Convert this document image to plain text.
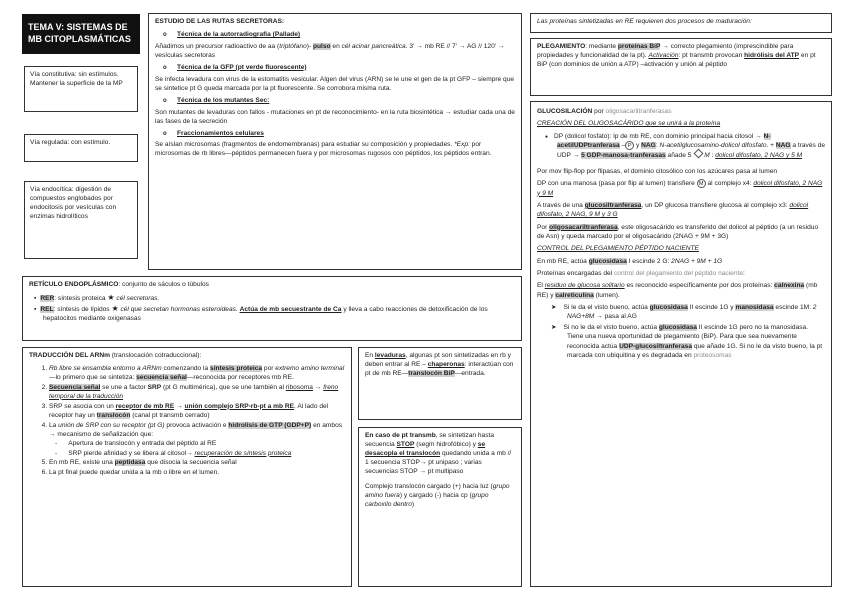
TEMA V: SISTEMAS DE MB CITOPLASMÁTICAS
Vía constitutiva: sin estímulos. Mantener la superficie de la MP
Vía regulada: con estímulo.
Vía endocítica: digestión de compuestos englobados por endocitosis por vesículas con enzimas hidrolíticos
ESTUDIO DE LAS RUTAS SECRETORAS:
o Técnica de la autorradiografía (Pallade)

Añadimos un precursor radioactivo de aa (triptófano)- pulso en cél acinar pancreática. 3' → mb RE // 7' → AG // 120' → vesículas secretoras

o Técnica de la GFP (pt verde fluorescente)

Se infecta levadura con virus de la estomatitis vesicular. Algen del virus (ARN) se le une el gen de la pt GFP – siempre que se sintetice pt G queda marcada por la pt fluorescente. Se corrobora misma ruta.

o Técnica de los mutantes Sec:

Son mutantes de levaduras con fallos - mutaciones en pt de reconocimiento- en la ruta biosintética → estudiar cada una de las fases de la secreción

o Fraccionamientos celulares

Se aíslan microsomas (fragmentos de endomembranas) para estudiar su composición y propiedades. *Exp: por microsomas de rb libres—péptidos permanecen fuera y por microsomas rugosos con péptidos, los péptidos entran.

RETÍCULO ENDOPLÁSMICO: conjunto de sáculos o túbulos
▪ RER: síntesis proteica ★ cél secretoras.
▪ REL: síntesis de lípidos ★ cél que secretan hormonas esteroideas. Actúa de mb secuestrante de Ca y lleva a cabo reacciones de detoxificación de los hepatocitos mediante oxigenasas
TRADUCCIÓN DEL ARNm (translocación cotraduccional):
1. Rb libre se ensambla entorno a ARNm comenzando la síntesis proteica por extremo amino terminal—lo primero que se sintetiza: secuencia señal—reconocida por receptores mb RE.
2. Secuencia señal se une a factor SRP (pt G multimérica), que se une también al ribosoma → freno temporal de la traducción
3. SRP se asocia con un receptor de mb RE → unión complejo SRP-rb-pt a mb RE. Al lado del receptor hay un translocón (canal pt transmb cerrado)
4. La unión de SRP con su receptor (pt G) provoca activación e hidrolisis de GTP (GDP+P) en ambos → mecanismo de señalización que:
- Apertura de translocón y entrada del péptido al RE
- SRP pierde afinidad y se libera al citosol→ recuperación de síntesis proteica
5. En mb RE, existe una peptidasa que disocia la secuencia señal
6. La pt final puede quedar unida a la mb o libre en el lumen.
En levaduras, algunas pt son sintetizadas en rb y deben entrar al RE – chaperonas: interactúan con pt de mb RE—translocón BiP—entrada.

En caso de pt transmb, se sintetizan hasta secuencia STOP (segm hidrofóbico) y se desacopla el translocón quedando unida a mb // 1 secuencia STOP→ pt unipaso ; varias secuencias STOP → pt multipaso

Complejo translocón cargado (+) hacia luz (grupo amino fuera) y cargado (-) hacia cp (grupo carboxilo dentro)

Las proteínas sintetizadas en RE requieren dos procesos de maduración:
PLEGAMIENTO: mediante proteínas BiP → correcto plegamiento (imprescindible para propiedades y funcionalidad de la pt). Activación: pt transmb provocan hidrólisis del ATP en pt BiP (con dominios de unión a ATP) –activación y unión al péptido

GLUCOSILACIÓN por oligosacariltranferasas

CREACIÓN DEL OLIGOSACÁRIDO que se unirá a la proteína

● DP (dolicol fosfato): lp de mb RE, con dominio principal hacia citosol → N-acetilUDPtranferasa – P y NAG: N-acetilglucosamino-dolicol difosfato. + NAG a través de UDP → 5 GDP-manosa-tranferasas añade 5 M : dolicol difosfato, 2 NAG y 5 M

Por mov flip-flop por flipasas, el dominio citosólico con los azúcares pasa al lumen

DP con una manosa (pasa por flip al lumen) transfiere M al complejo x4: dolicol difosfato, 2 NAG y 9 M

A través de una glucosiltranferasa, un DP glucosa transfiere glucosa al complejo x3: dolicol difosfato, 2 NAG, 9 M y 3 G

Por oligosacariltranferasa, este oligosacárido es transferido del dolicol al péptido (a un residuo de Asn) y queda marcado por el oligosacárido (2NAG + 9M + 3G)

CONTROL DEL PLEGAMIENTO PÉPTIDO NACIENTE

En mb RE, actúa glucosidasa I escinde 2 G: 2NAG + 9M + 1G

Proteínas encargadas del control del plegamiento del péptido naciente:

El residuo de glucosa solitario es reconocido específicamente por dos proteínas: calnexina (mb RE) y calreticulina (lumen).

➤ Si le da el visto bueno, actúa glucosidasa II escinde 1G y manosidasa escinde 1M: 2 NAG+8M → pasa al AG
➤ Si no le da el visto bueno, actúa glucosidasa II escinde 1G pero no la manosidasa. Tiene una nueva oportunidad de plegamiento (BiP). Para que sea nuevamente reconocida actúa UDP-glucosiltranferasa que añade 1G. Si no le da visto bueno, la pt marcada con ubiquitina y es degradada en proteosomas
